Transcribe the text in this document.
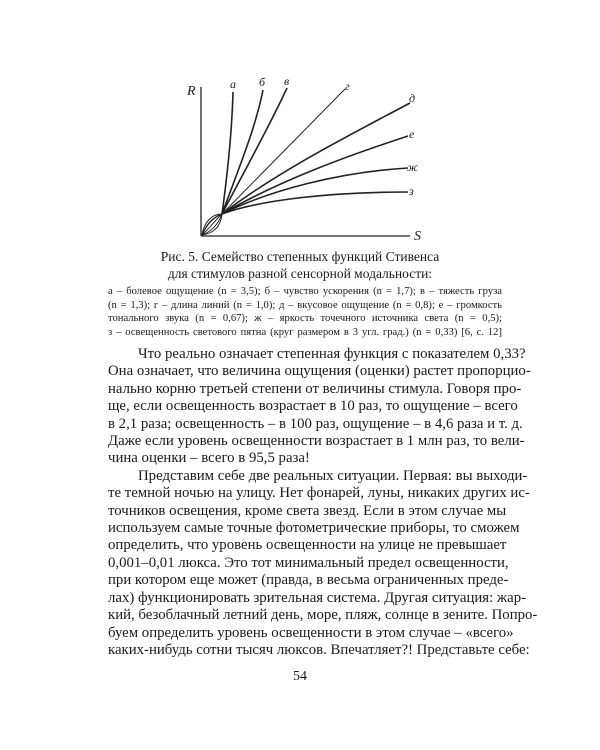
R
S
а б в	г
д
е
ж
з
Рис. 5. Семейство степенных функций Стивенса
для стимулов разной сенсорной модальности:
а – болевое ощущение (n = 3,5); б – чувство ускорения (n = 1,7); в – тяжесть груза
(n = 1,3); г – длина линий (n = 1,0); д – вкусовое ощущение (n = 0,8); е – громкость
тонального звука (n = 0,67); ж – яркость точечного источника света (n = 0,5);
з – освещенность светового пятна (круг размером в 3 угл. град.) (n = 0,33) [6, с. 12]
Что реально означает степенная функция с показателем 0,33?
Она означает, что величина ощущения (оценки) растет пропорцио-
нально корню третьей степени от величины стимула. Говоря про-
ще, если освещенность возрастает в 10 раз, то ощущение – всего
в 2,1 раза; освещенность – в 100 раз, ощущение – в 4,6 раза и т. д.
Даже если уровень освещенности возрастает в 1 млн раз, то вели-
чина оценки – всего в 95,5 раза!
Представим себе две реальных ситуации. Первая: вы выходи-
те темной ночью на улицу. Нет фонарей, луны, никаких других ис-
точников освещения, кроме света звезд. Если в этом случае мы
используем самые точные фотометрические приборы, то сможем
определить, что уровень освещенности на улице не превышает
0,001–0,01 люкса. Это тот минимальный предел освещенности,
при котором еще может (правда, в весьма ограниченных преде-
лах) функционировать зрительная система. Другая ситуация: жар-
кий, безоблачный летний день, море, пляж, солнце в зените. Попро-
буем определить уровень освещенности в этом случае – «всего»
каких-нибудь сотни тысяч люксов. Впечатляет?! Представьте себе:
54
